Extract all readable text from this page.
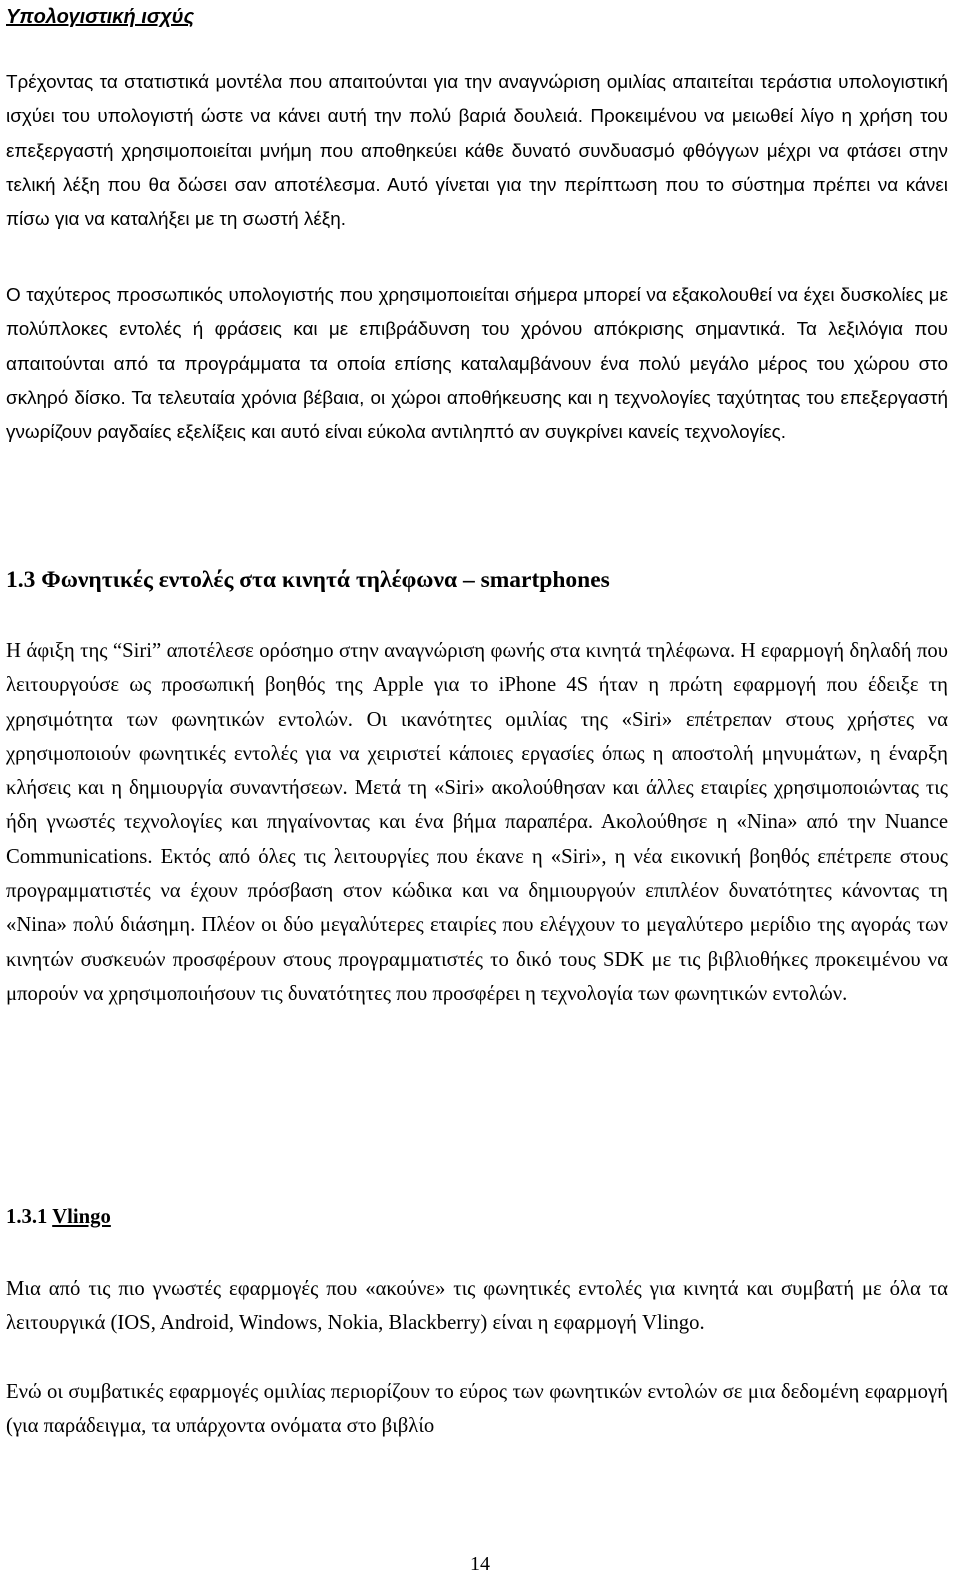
Υπολογιστική ισχύς

Τρέχοντας τα στατιστικά μοντέλα που απαιτούνται για την αναγνώριση ομιλίας απαιτείται τεράστια υπολογιστική ισχύει του υπολογιστή ώστε να κάνει αυτή την πολύ βαριά δουλειά. Προκειμένου να μειωθεί λίγο η χρήση του επεξεργαστή χρησιμοποιείται μνήμη που αποθηκεύει κάθε δυνατό συνδυασμό φθόγγων μέχρι να φτάσει στην τελική λέξη που θα δώσει σαν αποτέλεσμα. Αυτό γίνεται για την περίπτωση που το σύστημα πρέπει να κάνει πίσω για να καταλήξει με τη σωστή λέξη.

Ο ταχύτερος προσωπικός υπολογιστής που χρησιμοποιείται σήμερα μπορεί να εξακολουθεί να έχει δυσκολίες με πολύπλοκες εντολές ή φράσεις και με επιβράδυνση του χρόνου απόκρισης σημαντικά. Τα λεξιλόγια που απαιτούνται από τα προγράμματα τα οποία επίσης καταλαμβάνουν ένα πολύ μεγάλο μέρος του χώρου στο σκληρό δίσκο. Τα τελευταία χρόνια βέβαια, οι χώροι αποθήκευσης και η τεχνολογίες ταχύτητας του επεξεργαστή γνωρίζουν ραγδαίες εξελίξεις και αυτό είναι εύκολα αντιληπτό αν συγκρίνει κανείς τεχνολογίες.

1.3 Φωνητικές εντολές στα κινητά τηλέφωνα – smartphones

Η άφιξη της “Siri” αποτέλεσε ορόσημο στην αναγνώριση φωνής στα κινητά τηλέφωνα. Η εφαρμογή δηλαδή που λειτουργούσε ως προσωπική βοηθός της Apple για το iPhone 4S ήταν η πρώτη εφαρμογή που έδειξε τη χρησιμότητα των φωνητικών εντολών. Οι ικανότητες ομιλίας της «Siri» επέτρεπαν στους χρήστες να χρησιμοποιούν φωνητικές εντολές για να χειριστεί κάποιες εργασίες όπως η αποστολή μηνυμάτων, η έναρξη κλήσεις και η δημιουργία συναντήσεων. Μετά τη «Siri» ακολούθησαν και άλλες εταιρίες χρησιμοποιώντας τις ήδη γνωστές τεχνολογίες και πηγαίνοντας και ένα βήμα παραπέρα. Ακολούθησε η «Nina» από την Nuance Communications. Εκτός από όλες τις λειτουργίες που έκανε η «Siri», η νέα εικονική βοηθός επέτρεπε στους προγραμματιστές να έχουν πρόσβαση στον κώδικα και να δημιουργούν επιπλέον δυνατότητες κάνοντας τη «Nina» πολύ διάσημη. Πλέον οι δύο μεγαλύτερες εταιρίες που ελέγχουν το μεγαλύτερο μερίδιο της αγοράς των κινητών συσκευών προσφέρουν στους προγραμματιστές το δικό τους SDK με τις βιβλιοθήκες προκειμένου να μπορούν να χρησιμοποιήσουν τις δυνατότητες που προσφέρει η τεχνολογία των φωνητικών εντολών.

1.3.1 Vlingo

Μια από τις πιο γνωστές εφαρμογές που «ακούνε» τις φωνητικές εντολές για κινητά και συμβατή με όλα τα λειτουργικά (IOS, Android, Windows, Nokia, Blackberry) είναι η εφαρμογή Vlingo.

Ενώ οι συμβατικές εφαρμογές ομιλίας περιορίζουν το εύρος των φωνητικών εντολών σε μια δεδομένη εφαρμογή (για παράδειγμα, τα υπάρχοντα ονόματα στο βιβλίο

14
